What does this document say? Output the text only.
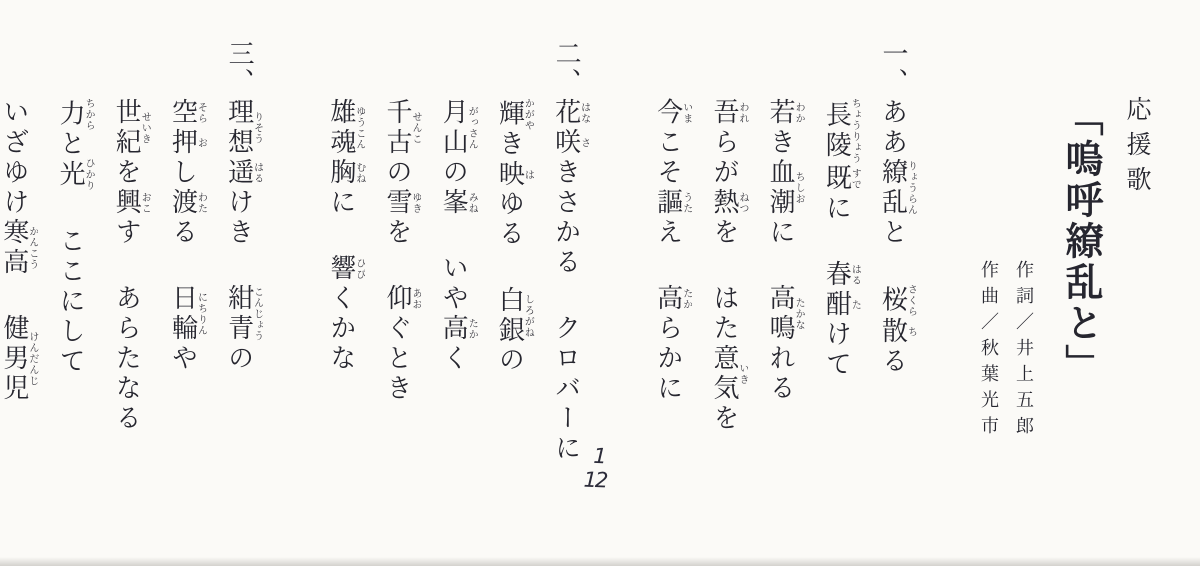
応援歌
「嗚呼繚乱と」
作詞／井上五郎
作曲／秋葉光市
一、
ああ繚乱りょうらんと桜さくら散ちる
長陵ちょうりょう既すでに春はる酣たけて
若わかき血潮ちしおに高鳴たかなれる
吾われらが熱ねつをはた意気いきを
今いまこそ謳うたえ高たからかに
二、
花はな咲さきさかるクロバーに
輝かがやき映はゆる白銀しろがねの
月山がっさんの峯みねいや高たかく
千古せんこの雪ゆきを仰あおぐとき
雄魂ゆうこん胸むねに響ひびくかな
三、
理想りそう遥はるけき紺青こんじょうの
空そら押おし渡わたる日輪にちりんや
世紀せいきを興おこすあらたなる
力ちからと光ひかりここにして
いざゆけ寒高かんこう健男児けんだんじ
1
12
